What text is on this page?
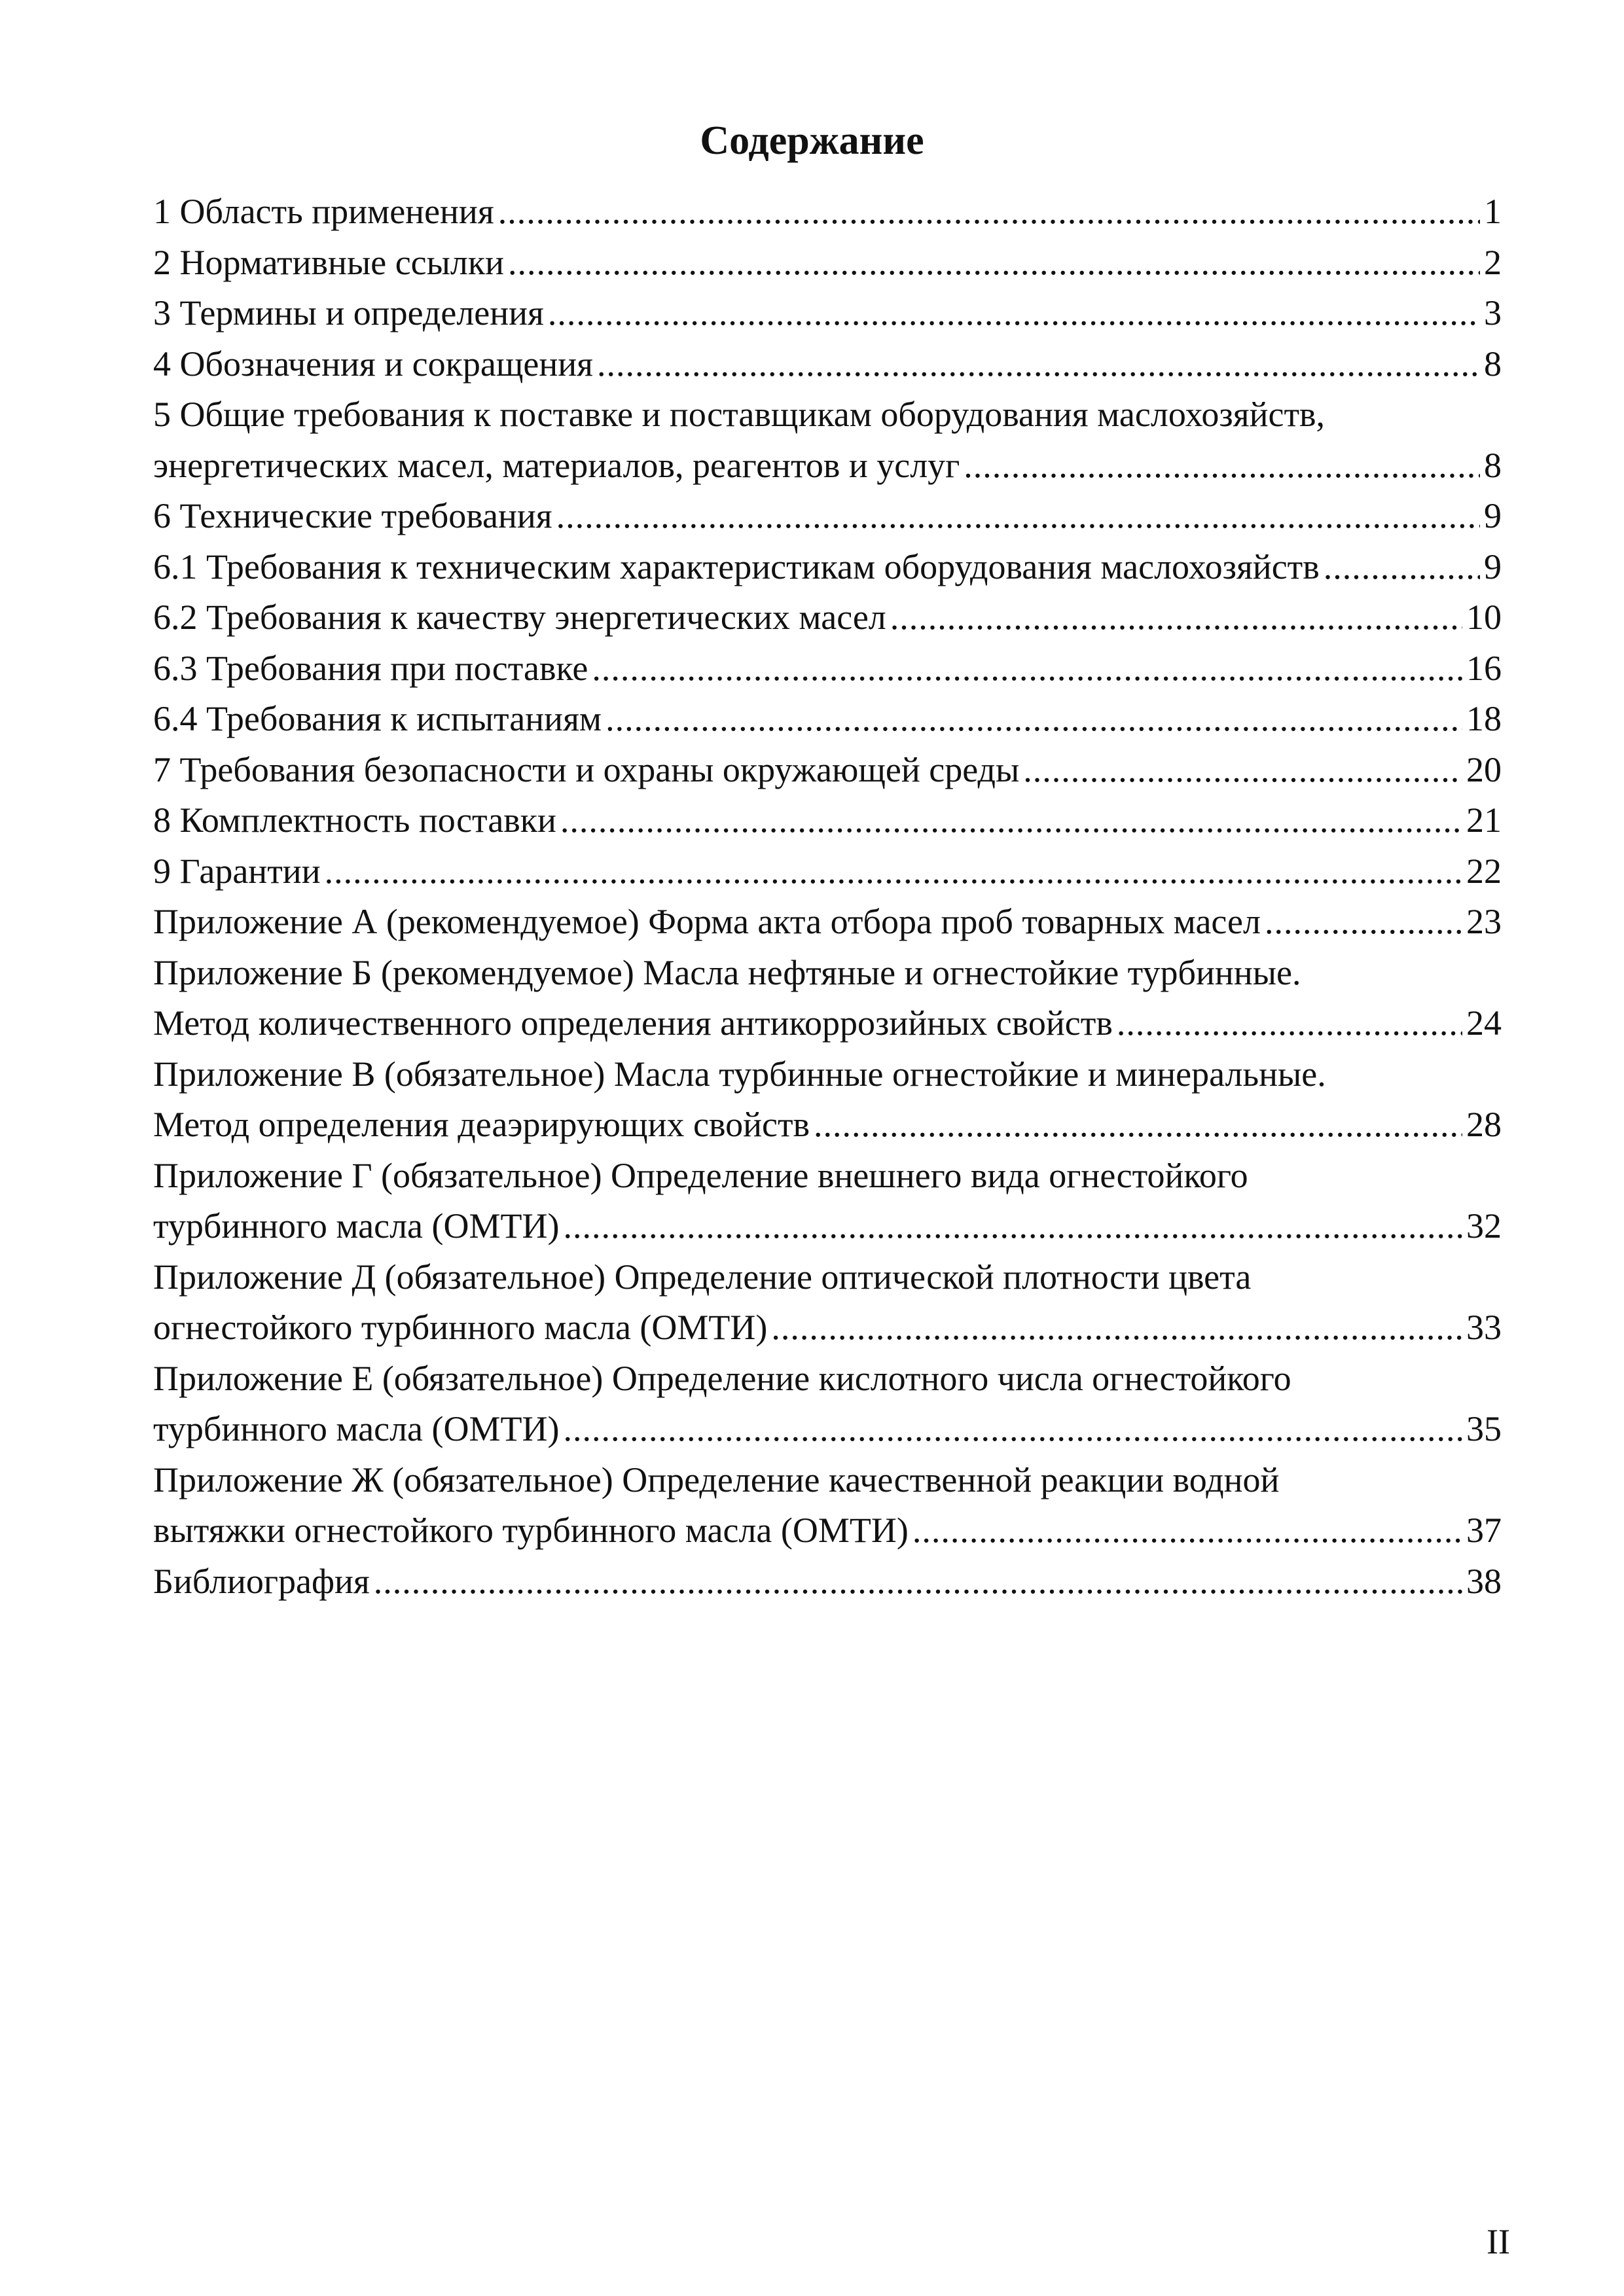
Содержание
1 Область применения .....	1
2 Нормативные ссылки .....	2
3 Термины и определения .....	3
4 Обозначения и сокращения .....	8
5 Общие требования к поставке и поставщикам оборудования маслохозяйств,
энергетических масел, материалов, реагентов и услуг .....	8
6 Технические требования .....	9
6.1 Требования к техническим характеристикам оборудования маслохозяйств .....	9
6.2 Требования к качеству энергетических масел .....	10
6.3 Требования при поставке .....	16
6.4 Требования к испытаниям .....	18
7 Требования безопасности и охраны окружающей среды .....	20
8 Комплектность поставки .....	21
9 Гарантии .....	22
Приложение А (рекомендуемое) Форма акта отбора проб товарных масел .....	23
Приложение Б (рекомендуемое) Масла нефтяные и огнестойкие турбинные.
Метод количественного определения антикоррозийных свойств .....	24
Приложение В (обязательное) Масла турбинные огнестойкие и минеральные.
Метод определения деаэрирующих свойств .....	28
Приложение Г (обязательное) Определение внешнего вида огнестойкого
турбинного масла (ОМТИ) .....	32
Приложение Д (обязательное) Определение оптической плотности цвета
огнестойкого турбинного масла (ОМТИ) .....	33
Приложение Е (обязательное) Определение кислотного числа огнестойкого
турбинного масла (ОМТИ) .....	35
Приложение Ж (обязательное) Определение качественной реакции водной
вытяжки огнестойкого турбинного масла (ОМТИ) .....	37
Библиография .....	38
II
